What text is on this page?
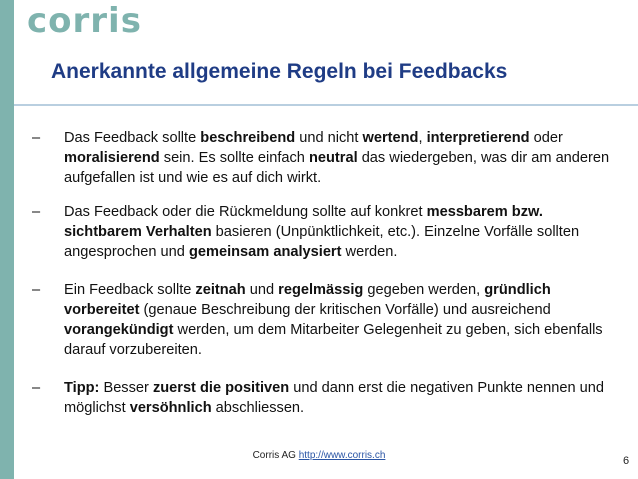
corris
Anerkannte allgemeine Regeln bei Feedbacks
–	Das Feedback sollte beschreibend und nicht wertend, interpretierend oder moralisierend sein. Es sollte einfach neutral das wiedergeben, was dir am anderen aufgefallen ist und wie es auf dich wirkt.
–	Das Feedback oder die Rückmeldung sollte auf konkret messbarem bzw. sichtbarem Verhalten basieren (Unpünktlichkeit, etc.). Einzelne Vorfälle sollten angesprochen und gemeinsam analysiert werden.
–	Ein Feedback sollte zeitnah und regelmässig gegeben werden, gründlich vorbereitet (genaue Beschreibung der kritischen Vorfälle) und ausreichend vorangekündigt werden, um dem Mitarbeiter Gelegenheit zu geben, sich ebenfalls darauf vorzubereiten.
–	Tipp: Besser zuerst die positiven und dann erst die negativen Punkte nennen und möglichst versöhnlich abschliessen.
Corris AG http://www.corris.ch	6
